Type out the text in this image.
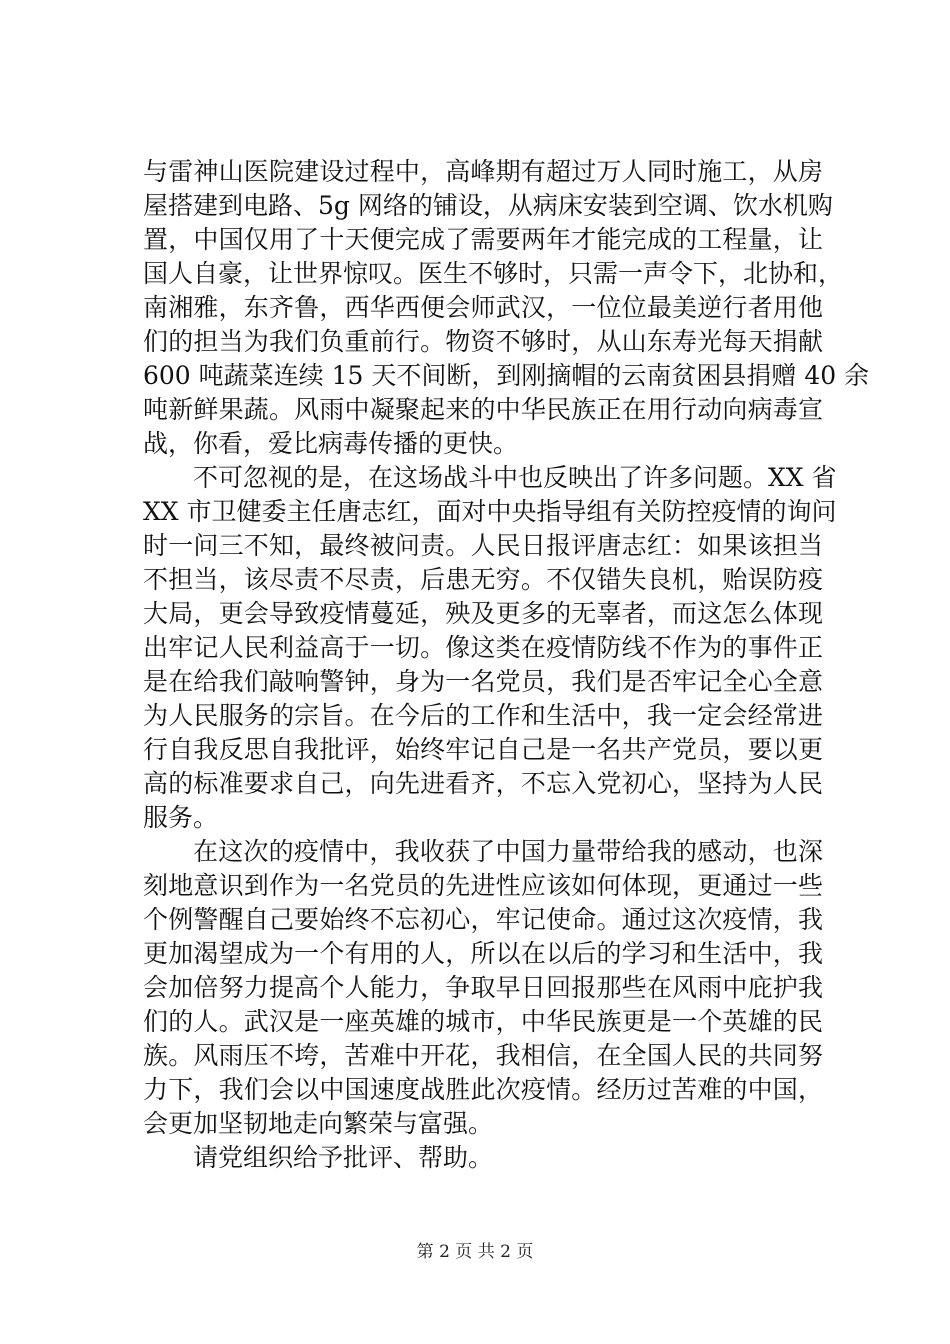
与雷神山医院建设过程中，高峰期有超过万人同时施工，从房
屋搭建到电路、5g 网络的铺设，从病床安装到空调、饮水机购
置，中国仅用了十天便完成了需要两年才能完成的工程量，让
国人自豪，让世界惊叹。医生不够时，只需一声令下，北协和，
南湘雅，东齐鲁，西华西便会师武汉，一位位最美逆行者用他
们的担当为我们负重前行。物资不够时，从山东寿光每天捐献
600 吨蔬菜连续 15 天不间断，到刚摘帽的云南贫困县捐赠 40 余
吨新鲜果蔬。风雨中凝聚起来的中华民族正在用行动向病毒宣
战，你看，爱比病毒传播的更快。
不可忽视的是，在这场战斗中也反映出了许多问题。XX 省
XX 市卫健委主任唐志红，面对中央指导组有关防控疫情的询问
时一问三不知，最终被问责。人民日报评唐志红：如果该担当
不担当，该尽责不尽责，后患无穷。不仅错失良机，贻误防疫
大局，更会导致疫情蔓延，殃及更多的无辜者，而这怎么体现
出牢记人民利益高于一切。像这类在疫情防线不作为的事件正
是在给我们敲响警钟，身为一名党员，我们是否牢记全心全意
为人民服务的宗旨。在今后的工作和生活中，我一定会经常进
行自我反思自我批评，始终牢记自己是一名共产党员，要以更
高的标准要求自己，向先进看齐，不忘入党初心，坚持为人民
服务。
在这次的疫情中，我收获了中国力量带给我的感动，也深
刻地意识到作为一名党员的先进性应该如何体现，更通过一些
个例警醒自己要始终不忘初心，牢记使命。通过这次疫情，我
更加渴望成为一个有用的人，所以在以后的学习和生活中，我
会加倍努力提高个人能力，争取早日回报那些在风雨中庇护我
们的人。武汉是一座英雄的城市，中华民族更是一个英雄的民
族。风雨压不垮，苦难中开花，我相信，在全国人民的共同努
力下，我们会以中国速度战胜此次疫情。经历过苦难的中国，
会更加坚韧地走向繁荣与富强。
请党组织给予批评、帮助。
第 2 页 共 2 页
